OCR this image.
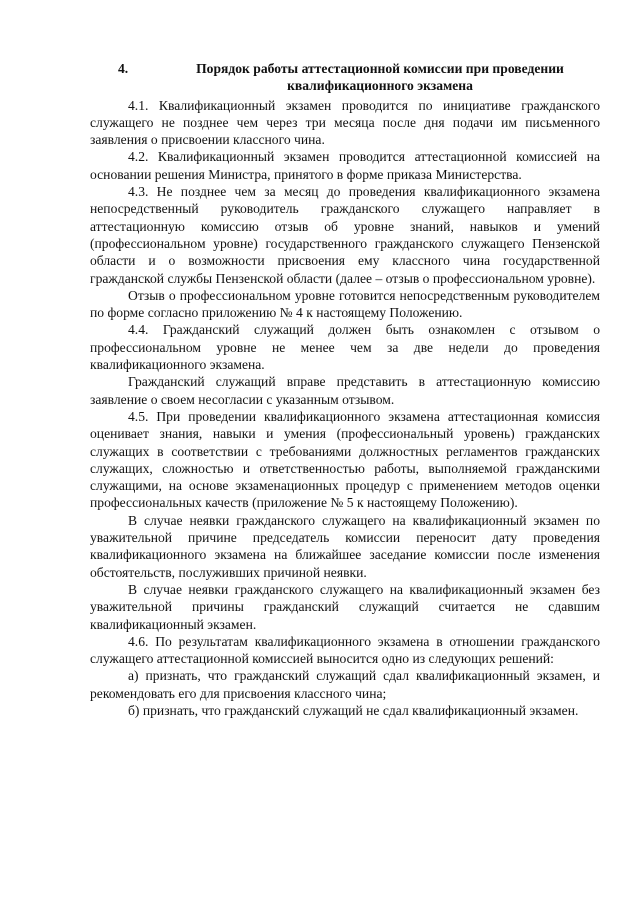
4.	Порядок работы аттестационной комиссии при проведении квалификационного экзамена

4.1. Квалификационный экзамен проводится по инициативе гражданского служащего не позднее чем через три месяца после дня подачи им письменного заявления о присвоении классного чина.

4.2. Квалификационный экзамен проводится аттестационной комиссией на основании решения Министра, принятого в форме приказа Министерства.

4.3. Не позднее чем за месяц до проведения квалификационного экзамена непосредственный руководитель гражданского служащего направляет в аттестационную комиссию отзыв об уровне знаний, навыков и умений (профессиональном уровне) государственного гражданского служащего Пензенской области и о возможности присвоения ему классного чина государственной гражданской службы Пензенской области (далее – отзыв о профессиональном уровне).

Отзыв о профессиональном уровне готовится непосредственным руководителем по форме согласно приложению № 4 к настоящему Положению.

4.4. Гражданский служащий должен быть ознакомлен с отзывом о профессиональном уровне не менее чем за две недели до проведения квалификационного экзамена.

Гражданский служащий вправе представить в аттестационную комиссию заявление о своем несогласии с указанным отзывом.

4.5. При проведении квалификационного экзамена аттестационная комиссия оценивает знания, навыки и умения (профессиональный уровень) гражданских служащих в соответствии с требованиями должностных регламентов гражданских служащих, сложностью и ответственностью работы, выполняемой гражданскими служащими, на основе экзаменационных процедур с применением методов оценки профессиональных качеств (приложение № 5 к настоящему Положению).

В случае неявки гражданского служащего на квалификационный экзамен по уважительной причине председатель комиссии переносит дату проведения квалификационного экзамена на ближайшее заседание комиссии после изменения обстоятельств, послуживших причиной неявки.

В случае неявки гражданского служащего на квалификационный экзамен без уважительной причины гражданский служащий считается не сдавшим квалификационный экзамен.

4.6. По результатам квалификационного экзамена в отношении гражданского служащего аттестационной комиссией выносится одно из следующих решений:

а) признать, что гражданский служащий сдал квалификационный экзамен, и рекомендовать его для присвоения классного чина;

б) признать, что гражданский служащий не сдал квалификационный экзамен.
